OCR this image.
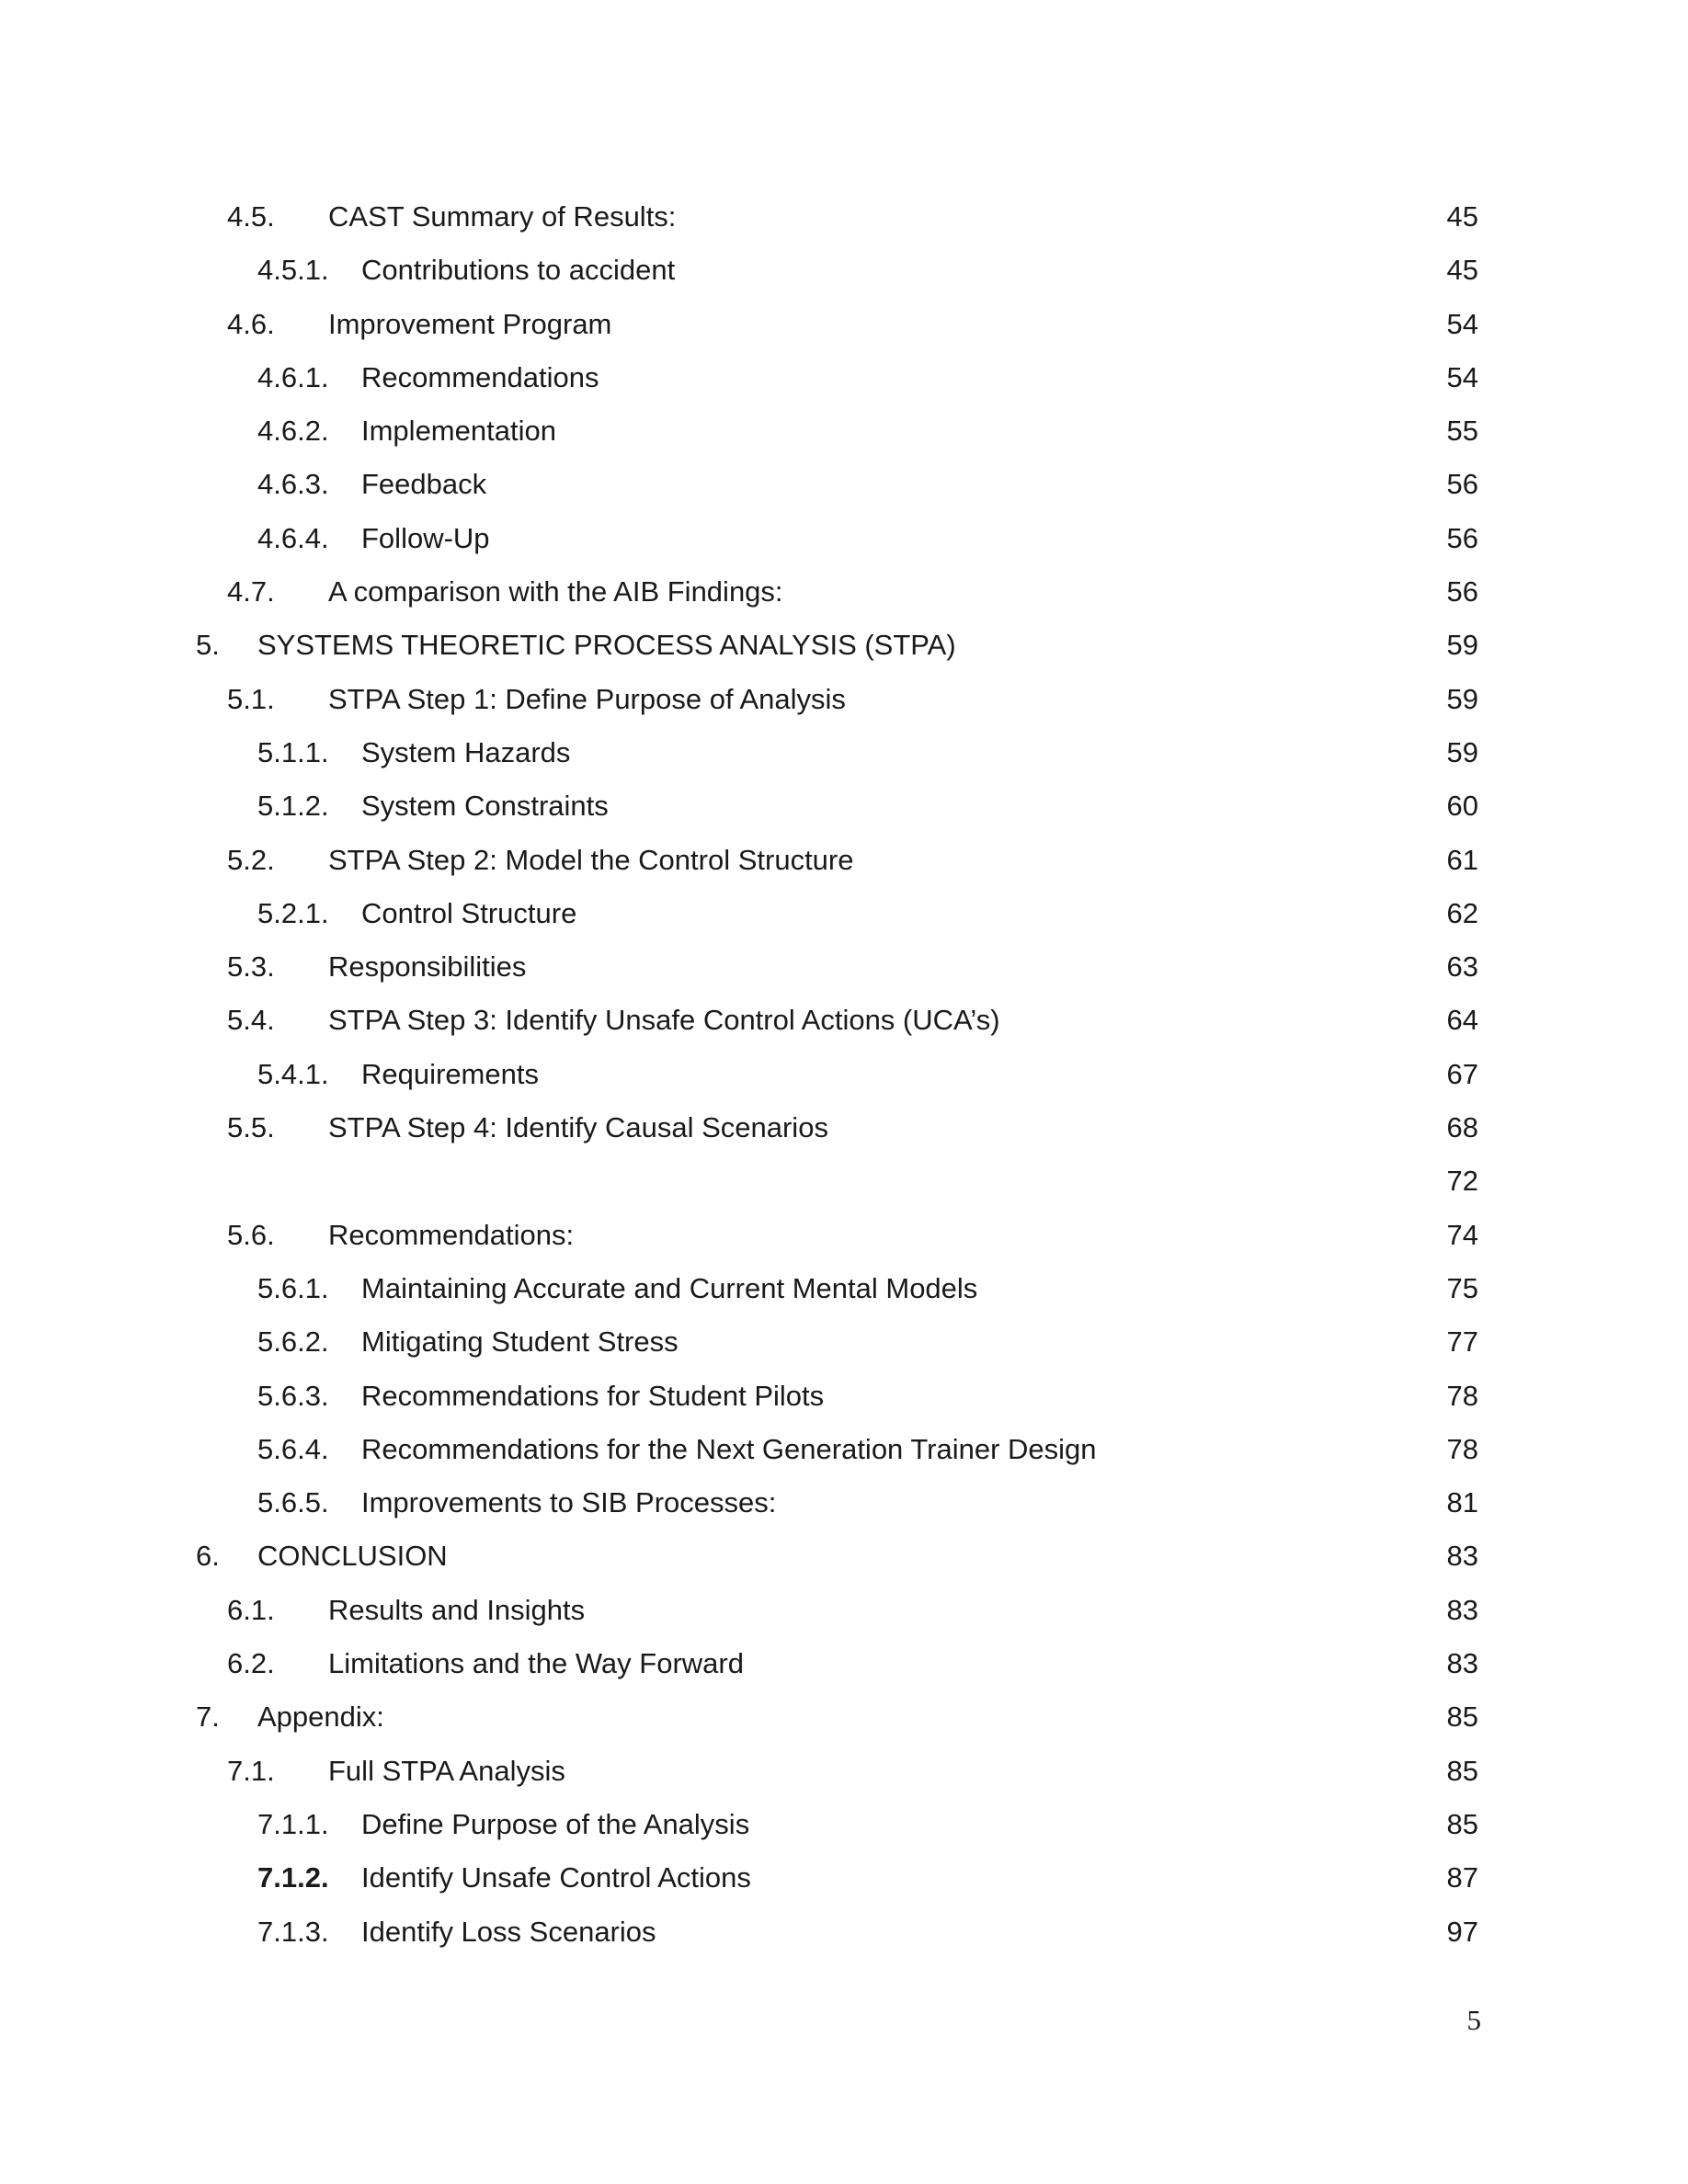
4.5. CAST Summary of Results:	45
4.5.1. Contributions to accident	45
4.6. Improvement Program	54
4.6.1. Recommendations	54
4.6.2. Implementation	55
4.6.3. Feedback	56
4.6.4. Follow-Up	56
4.7. A comparison with the AIB Findings:	56
5. SYSTEMS THEORETIC PROCESS ANALYSIS (STPA)	59
5.1. STPA Step 1: Define Purpose of Analysis	59
5.1.1. System Hazards	59
5.1.2. System Constraints	60
5.2. STPA Step 2: Model the Control Structure	61
5.2.1. Control Structure	62
5.3. Responsibilities	63
5.4. STPA Step 3: Identify Unsafe Control Actions (UCA’s)	64
5.4.1. Requirements	67
5.5. STPA Step 4: Identify Causal Scenarios	68
72
5.6. Recommendations:	74
5.6.1. Maintaining Accurate and Current Mental Models	75
5.6.2. Mitigating Student Stress	77
5.6.3. Recommendations for Student Pilots	78
5.6.4. Recommendations for the Next Generation Trainer Design	78
5.6.5. Improvements to SIB Processes:	81
6. CONCLUSION	83
6.1. Results and Insights	83
6.2. Limitations and the Way Forward	83
7. Appendix:	85
7.1. Full STPA Analysis	85
7.1.1. Define Purpose of the Analysis	85
7.1.2. Identify Unsafe Control Actions	87
7.1.3. Identify Loss Scenarios	97
5
